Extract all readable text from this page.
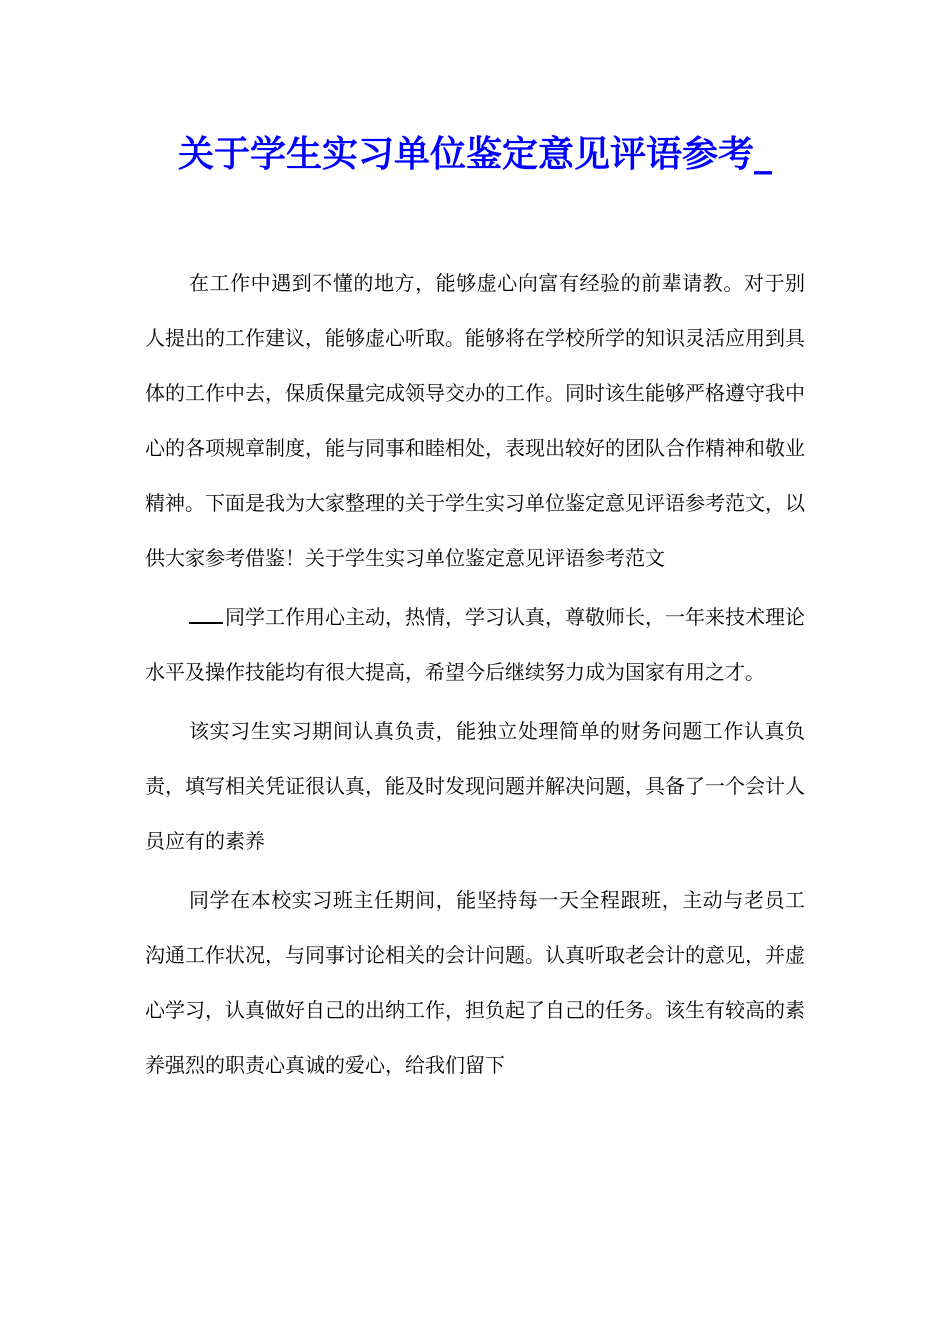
关于学生实习单位鉴定意见评语参考_

在工作中遇到不懂的地方，能够虚心向富有经验的前辈请教。对于别人提出的工作建议，能够虚心听取。能够将在学校所学的知识灵活应用到具体的工作中去，保质保量完成领导交办的工作。同时该生能够严格遵守我中心的各项规章制度，能与同事和睦相处，表现出较好的团队合作精神和敬业精神。下面是我为大家整理的关于学生实习单位鉴定意见评语参考范文，以供大家参考借鉴！关于学生实习单位鉴定意见评语参考范文

同学工作用心主动，热情，学习认真，尊敬师长，一年来技术理论水平及操作技能均有很大提高，希望今后继续努力成为国家有用之才。

该实习生实习期间认真负责，能独立处理简单的财务问题工作认真负责，填写相关凭证很认真，能及时发现问题并解决问题，具备了一个会计人员应有的素养

同学在本校实习班主任期间，能坚持每一天全程跟班，主动与老员工沟通工作状况，与同事讨论相关的会计问题。认真听取老会计的意见，并虚心学习，认真做好自己的出纳工作，担负起了自己的任务。该生有较高的素养强烈的职责心真诚的爱心，给我们留下
